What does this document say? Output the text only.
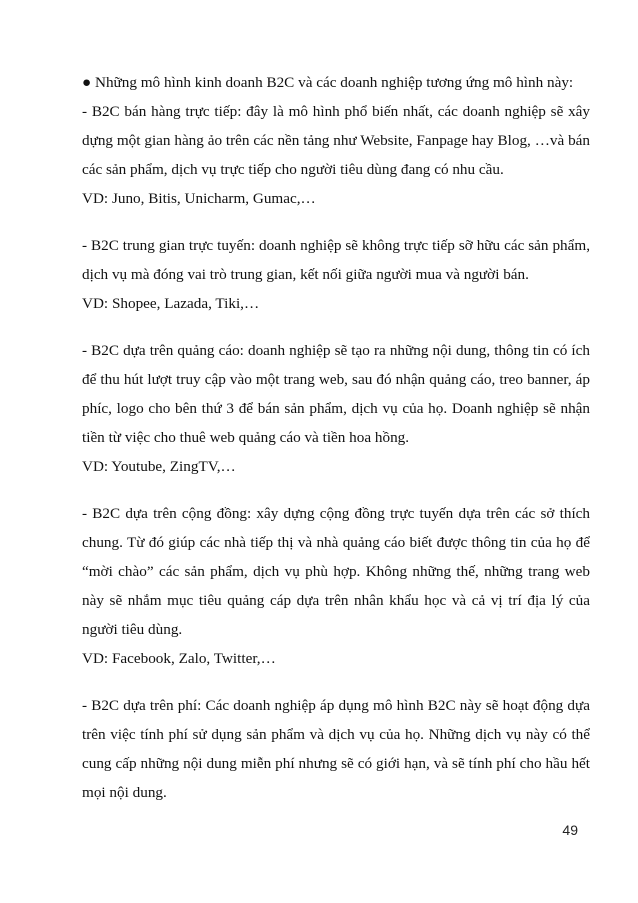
● Những mô hình kinh doanh B2C và các doanh nghiệp tương ứng mô hình này:

- B2C bán hàng trực tiếp: đây là mô hình phổ biến nhất, các doanh nghiệp sẽ xây dựng một gian hàng ảo trên các nền tảng như Website, Fanpage hay Blog, …và bán các sản phẩm, dịch vụ trực tiếp cho người tiêu dùng đang có nhu cầu.

VD: Juno, Bitis, Unicharm, Gumac,…

- B2C trung gian trực tuyến: doanh nghiệp sẽ không trực tiếp sỡ hữu các sản phẩm, dịch vụ mà đóng vai trò trung gian, kết nối giữa người mua và người bán.

VD: Shopee, Lazada, Tiki,…

- B2C dựa trên quảng cáo: doanh nghiệp sẽ tạo ra những nội dung, thông tin có ích để thu hút lượt truy cập vào một trang web, sau đó nhận quảng cáo, treo banner, áp phíc, logo cho bên thứ 3 để bán sản phẩm, dịch vụ của họ. Doanh nghiệp sẽ nhận tiền từ việc cho thuê web quảng cáo và tiền hoa hồng.

VD: Youtube, ZingTV,…

- B2C dựa trên cộng đồng: xây dựng cộng đồng trực tuyến dựa trên các sở thích chung. Từ đó giúp các nhà tiếp thị và nhà quảng cáo biết được thông tin của họ để “mời chào” các sản phẩm, dịch vụ phù hợp. Không những thế, những trang web này sẽ nhắm mục tiêu quảng cáp dựa trên nhân khẩu học và cả vị trí địa lý của người tiêu dùng.

VD: Facebook, Zalo, Twitter,…

- B2C dựa trên phí: Các doanh nghiệp áp dụng mô hình B2C này sẽ hoạt động dựa trên việc tính phí sử dụng sản phẩm và dịch vụ của họ. Những dịch vụ này có thể cung cấp những nội dung miễn phí nhưng sẽ có giới hạn, và sẽ tính phí cho hầu hết mọi nội dung.

49
